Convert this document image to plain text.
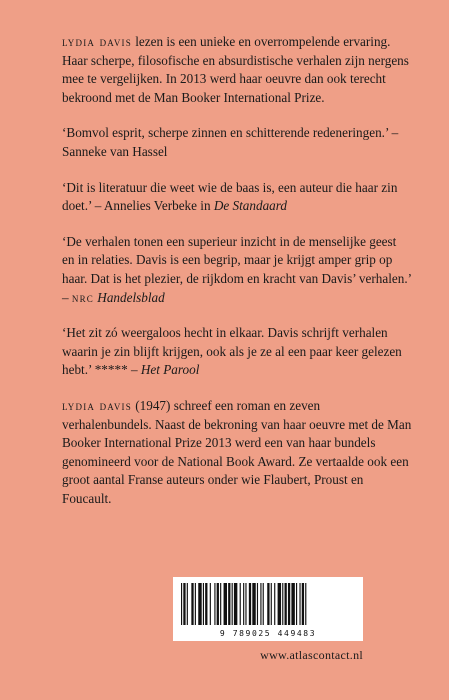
lydia davis lezen is een unieke en overrompelende ervaring. Haar scherpe, filosofische en absurdistische verhalen zijn nergens mee te vergelijken. In 2013 werd haar oeuvre dan ook terecht bekroond met de Man Booker International Prize.

‘Bomvol esprit, scherpe zinnen en schitterende redeneringen.’ – Sanneke van Hassel

‘Dit is literatuur die weet wie de baas is, een auteur die haar zin doet.’ – Annelies Verbeke in De Standaard

‘De verhalen tonen een superieur inzicht in de menselijke geest en in relaties. Davis is een begrip, maar je krijgt amper grip op haar. Dat is het plezier, de rijkdom en kracht van Davis’ verhalen.’ – nrc Handelsblad

‘Het zit zó weergaloos hecht in elkaar. Davis schrijft verhalen waarin je zin blijft krijgen, ook als je ze al een paar keer gelezen hebt.’ ***** – Het Parool

lydia davis (1947) schreef een roman en zeven verhalenbundels. Naast de bekroning van haar oeuvre met de Man Booker International Prize 2013 werd een van haar bundels genomineerd voor de National Book Award. Ze vertaalde ook een groot aantal Franse auteurs onder wie Flaubert, Proust en Foucault.

9 789025 449483
www.atlascontact.nl
